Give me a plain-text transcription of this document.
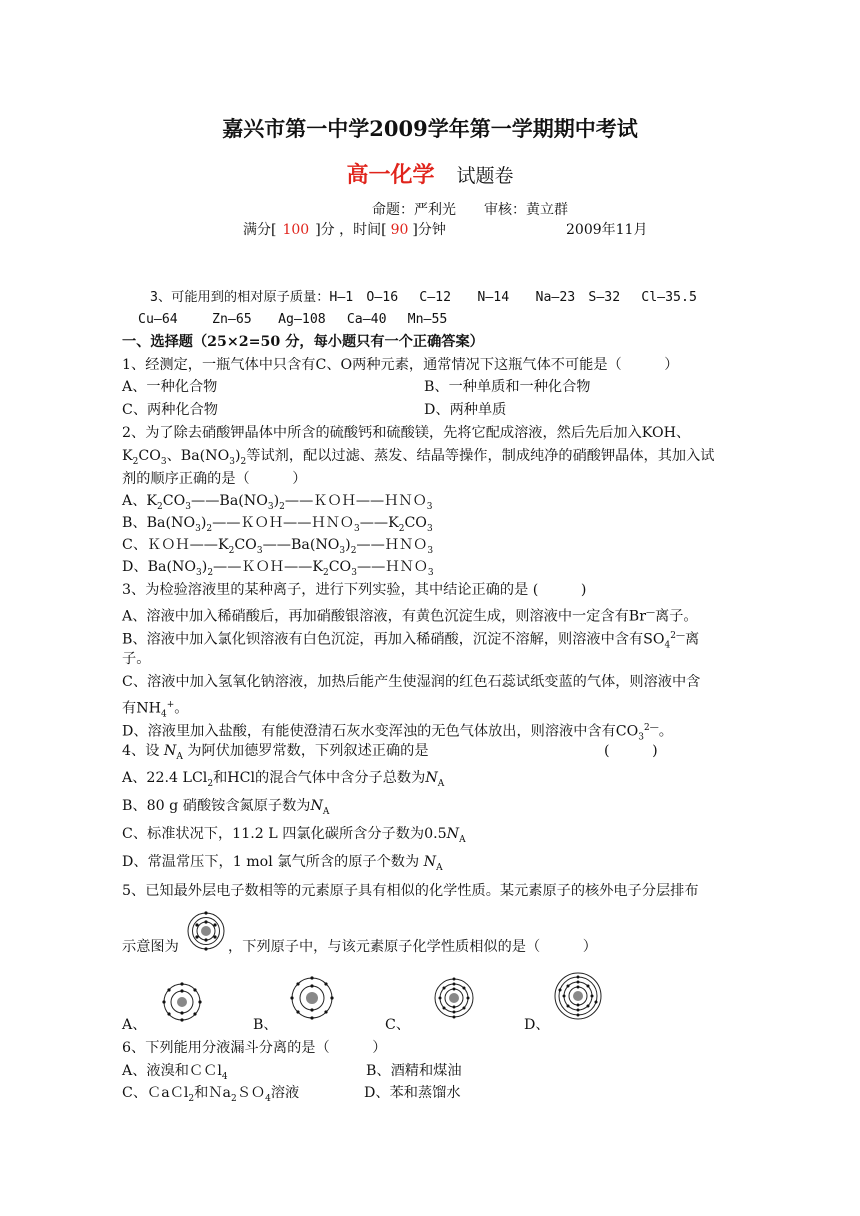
嘉兴市第一中学2009学年第一学期期中考试
高一化学 试题卷
命题：严利光　　审核：黄立群
满分[ 100 ]分 ，时间[ 90 ]分钟	2009年11月
3、可能用到的相对原子质量：H—1　O—16　 C—12　　N—14　　Na—23　S—32　 Cl—35.5
Cu—64　　 Zn—65　　Ag—108　 Ca—40　 Mn—55
一、选择题（25×2=50 分，每小题只有一个正确答案）
1、经测定，一瓶气体中只含有C、O两种元素，通常情况下这瓶气体不可能是（　　　）
A、一种化合物	B、一种单质和一种化合物
C、两种化合物	D、两种单质
2、为了除去硝酸钾晶体中所含的硫酸钙和硫酸镁，先将它配成溶液，然后先后加入KOH、
$K_2CO_3$、$Ba(NO_3)_2$等试剂，配以过滤、蒸发、结晶等操作，制成纯净的硝酸钾晶体，其加入试
剂的顺序正确的是（　　　）
A、$K_2CO_3——Ba(NO_3)_2——KOH——HNO_3$
B、$Ba(NO_3)_2——KOH——HNO_3——K_2CO_3$
C、$KOH——K_2CO_3——Ba(NO_3)_2——HNO_3$
D、$Ba(NO_3)_2——KOH——K_2CO_3——HNO_3$
3、为检验溶液里的某种离子，进行下列实验，其中结论正确的是 (　　　)
A、溶液中加入稀硝酸后，再加硝酸银溶液，有黄色沉淀生成，则溶液中一定含有Br—离子。
B、溶液中加入氯化钡溶液有白色沉淀，再加入稀硝酸，沉淀不溶解，则溶液中含有$SO_4^{2—}$离
子。
C、溶液中加入氢氧化钠溶液，加热后能产生使湿润的红色石蕊试纸变蓝的气体，则溶液中含
有$NH_4^+$。
D、溶液里加入盐酸，有能使澄清石灰水变浑浊的无色气体放出，则溶液中含有$CO_3^{2—}$。
4、设 $N_A$ 为阿伏加德罗常数，下列叙述正确的是	(　　　)
A、22.4 LCl$_2$和HCl的混合气体中含分子总数为$N_A$
B、80 g 硝酸铵含氮原子数为$N_A$
C、标准状况下，11.2 L 四氯化碳所含分子数为$0.5N_A$
D、常温常压下，1 mol 氯气所含的原子个数为 $N_A$
5、已知最外层电子数相等的元素原子具有相似的化学性质。某元素原子的核外电子分层排布
示意图为	，下列原子中，与该元素原子化学性质相似的是（　　　）
A、	B、	C、	D、
6、下列能用分液漏斗分离的是（　　　）
A、液溴和ＣＣl$_4$	B、酒精和煤油
C、ＣaＣl$_2$和Ｎa$_2$ＳＯ$_4$溶液	D、苯和蒸馏水
